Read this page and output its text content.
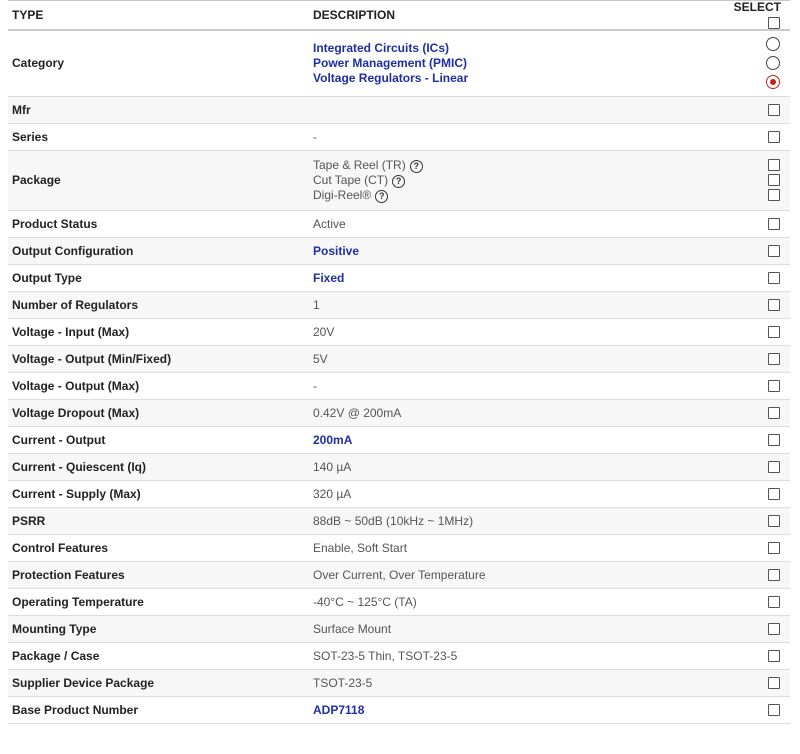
TYPE	DESCRIPTION	SELECT
Category	Integrated Circuits (ICs)
Power Management (PMIC)
Voltage Regulators - Linear	

Mfr		
Series	-	
Package	Tape & Reel (TR) ?
Cut Tape (CT) ?
Digi-Reel® ?	

Product Status	Active	
Output Configuration	Positive	
Output Type	Fixed	
Number of Regulators	1	
Voltage - Input (Max)	20V	
Voltage - Output (Min/Fixed)	5V	
Voltage - Output (Max)	-	
Voltage Dropout (Max)	0.42V @ 200mA	
Current - Output	200mA	
Current - Quiescent (Iq)	140 µA	
Current - Supply (Max)	320 µA	
PSRR	88dB ~ 50dB (10kHz ~ 1MHz)	
Control Features	Enable, Soft Start	
Protection Features	Over Current, Over Temperature	
Operating Temperature	-40°C ~ 125°C (TA)	
Mounting Type	Surface Mount	
Package / Case	SOT-23-5 Thin, TSOT-23-5	
Supplier Device Package	TSOT-23-5	
Base Product Number	ADP7118	
